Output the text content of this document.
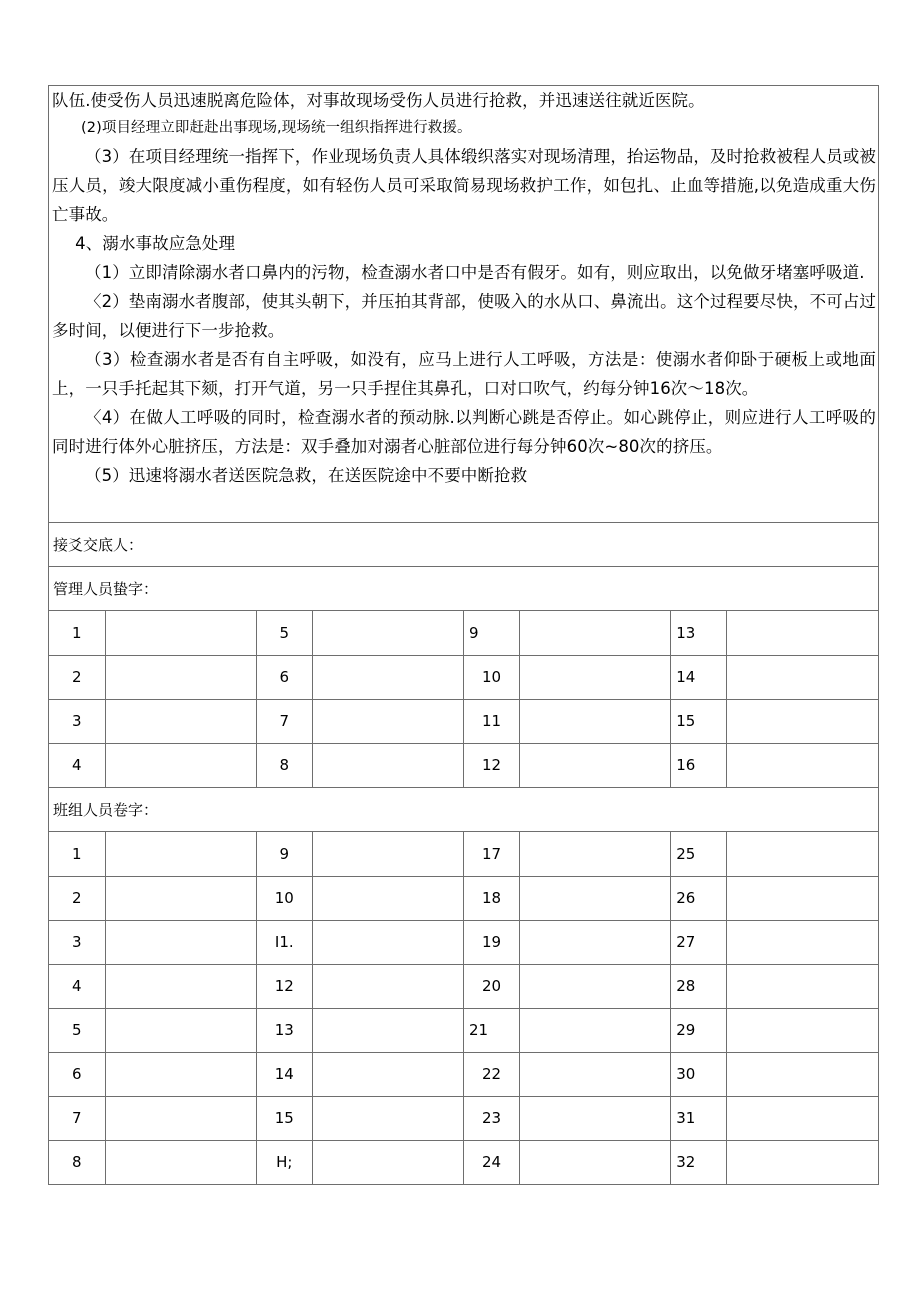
队伍.使受伤人员迅速脱离危险体，对事故现场受伤人员进行抢救，并迅速送往就近医院。
(2)项目经理立即赶赴出事现场,现场统一组织指挥进行救援。
（3）在项目经理统一指挥下，作业现场负责人具体缎织落实对现场清理，抬运物品，及时抢救被程人员或被压人员，竣大限度减小重伤程度，如有轻伤人员可采取简易现场救护工作，如包扎、止血等措施,以免造成重大伤亡事故。
4、溺水事故应急处理
（1）立即清除溺水者口鼻内的污物，检查溺水者口中是否有假牙。如有，则应取出，以免做牙堵塞呼吸道.
〈2）垫南溺水者腹部，使其头朝下，并压拍其背部，使吸入的水从口、鼻流出。这个过程要尽快，不可占过多时间，以便进行下一步抢救。
（3）检查溺水者是否有自主呼吸，如没有，应马上进行人工呼吸，方法是：使溺水者仰卧于硬板上或地面上，一只手托起其下颏，打开气道，另一只手捏住其鼻孔，口对口吹气，约每分钟16次～18次。
〈4）在做人工呼吸的同时，检查溺水者的预动脉.以判断心跳是否停止。如心跳停止，则应进行人工呼吸的同时进行体外心脏挤压，方法是：双手叠加对溺者心脏部位进行每分钟60次~80次的挤压。
（5）迅速将溺水者送医院急救，在送医院途中不要中断抢救
接爻交底人：
管理人员蛰字：
1		5		9		13	
2		6		10		14	
3		7		11		15	
4		8		12		16	
班组人员卷字：
1		9		17		25	
2		10		18		26	
3		I1.		19		27	
4		12		20		28	
5		13		21		29	
6		14		22		30	
7		15		23		31	
8		H;		24		32	
